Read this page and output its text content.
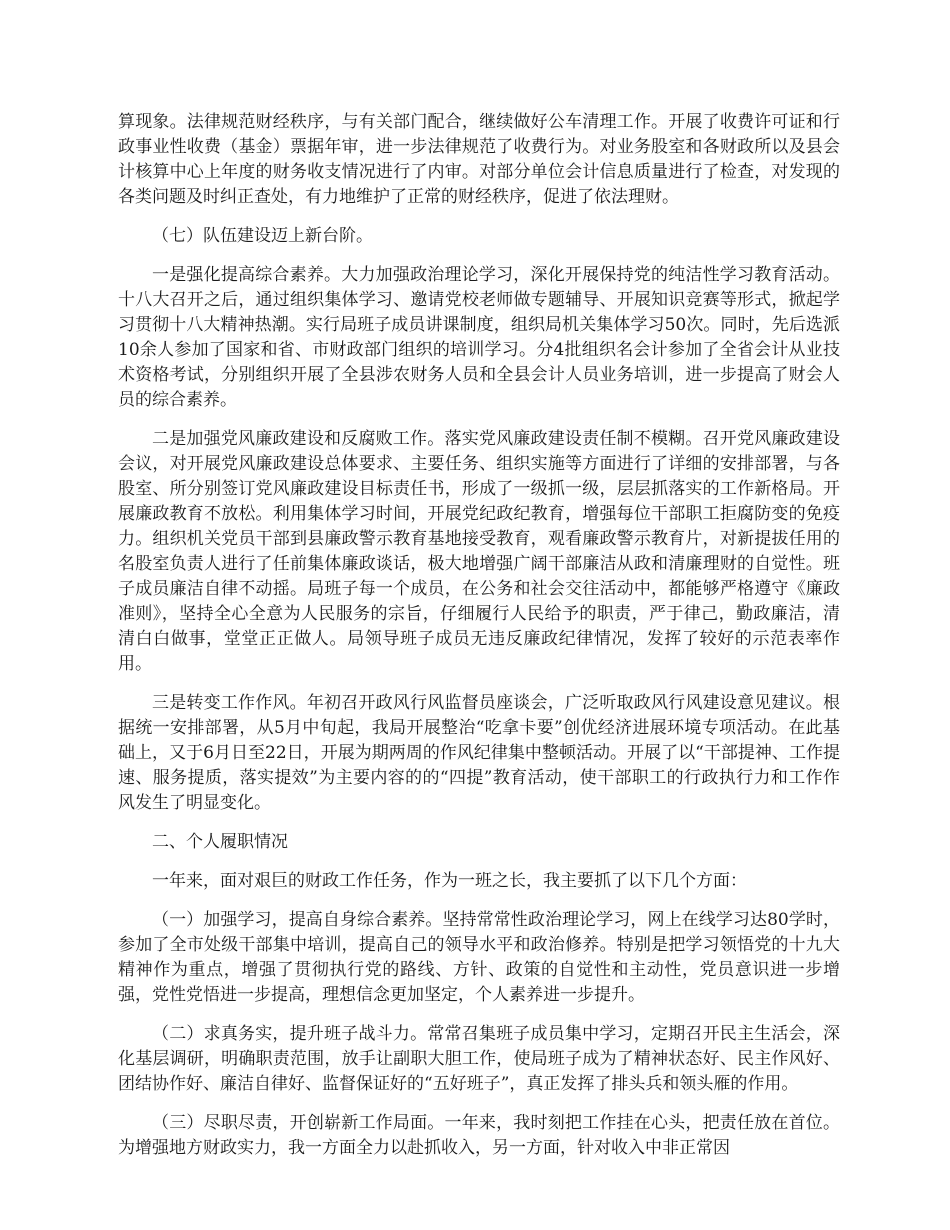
算现象。法律规范财经秩序，与有关部门配合，继续做好公车清理工作。开展了收费许可证和行政事业性收费（基金）票据年审，进一步法律规范了收费行为。对业务股室和各财政所以及县会计核算中心上年度的财务收支情况进行了内审。对部分单位会计信息质量进行了检查，对发现的各类问题及时纠正查处，有力地维护了正常的财经秩序，促进了依法理财。

（七）队伍建设迈上新台阶。

一是强化提高综合素养。大力加强政治理论学习，深化开展保持党的纯洁性学习教育活动。十八大召开之后，通过组织集体学习、邀请党校老师做专题辅导、开展知识竞赛等形式，掀起学习贯彻十八大精神热潮。实行局班子成员讲课制度，组织局机关集体学习50次。同时，先后选派10余人参加了国家和省、市财政部门组织的培训学习。分4批组织名会计参加了全省会计从业技术资格考试，分别组织开展了全县涉农财务人员和全县会计人员业务培训，进一步提高了财会人员的综合素养。

二是加强党风廉政建设和反腐败工作。落实党风廉政建设责任制不模糊。召开党风廉政建设会议，对开展党风廉政建设总体要求、主要任务、组织实施等方面进行了详细的安排部署，与各股室、所分别签订党风廉政建设目标责任书，形成了一级抓一级，层层抓落实的工作新格局。开展廉政教育不放松。利用集体学习时间，开展党纪政纪教育，增强每位干部职工拒腐防变的免疫力。组织机关党员干部到县廉政警示教育基地接受教育，观看廉政警示教育片，对新提拔任用的名股室负责人进行了任前集体廉政谈话，极大地增强广阔干部廉洁从政和清廉理财的自觉性。班子成员廉洁自律不动摇。局班子每一个成员，在公务和社会交往活动中，都能够严格遵守《廉政准则》，坚持全心全意为人民服务的宗旨，仔细履行人民给予的职责，严于律己，勤政廉洁，清清白白做事，堂堂正正做人。局领导班子成员无违反廉政纪律情况，发挥了较好的示范表率作用。

三是转变工作作风。年初召开政风行风监督员座谈会，广泛听取政风行风建设意见建议。根据统一安排部署，从5月中旬起，我局开展整治“吃拿卡要”创优经济进展环境专项活动。在此基础上，又于6月日至22日，开展为期两周的作风纪律集中整顿活动。开展了以“干部提神、工作提速、服务提质，落实提效”为主要内容的的“四提”教育活动，使干部职工的行政执行力和工作作风发生了明显变化。

二、个人履职情况

一年来，面对艰巨的财政工作任务，作为一班之长，我主要抓了以下几个方面：

（一）加强学习，提高自身综合素养。坚持常常性政治理论学习，网上在线学习达80学时，参加了全市处级干部集中培训，提高自己的领导水平和政治修养。特别是把学习领悟党的十九大精神作为重点，增强了贯彻执行党的路线、方针、政策的自觉性和主动性，党员意识进一步增强，党性党悟进一步提高，理想信念更加坚定，个人素养进一步提升。

（二）求真务实，提升班子战斗力。常常召集班子成员集中学习，定期召开民主生活会，深化基层调研，明确职责范围，放手让副职大胆工作，使局班子成为了精神状态好、民主作风好、团结协作好、廉洁自律好、监督保证好的“五好班子”，真正发挥了排头兵和领头雁的作用。

（三）尽职尽责，开创崭新工作局面。一年来，我时刻把工作挂在心头，把责任放在首位。为增强地方财政实力，我一方面全力以赴抓收入，另一方面，针对收入中非正常因
